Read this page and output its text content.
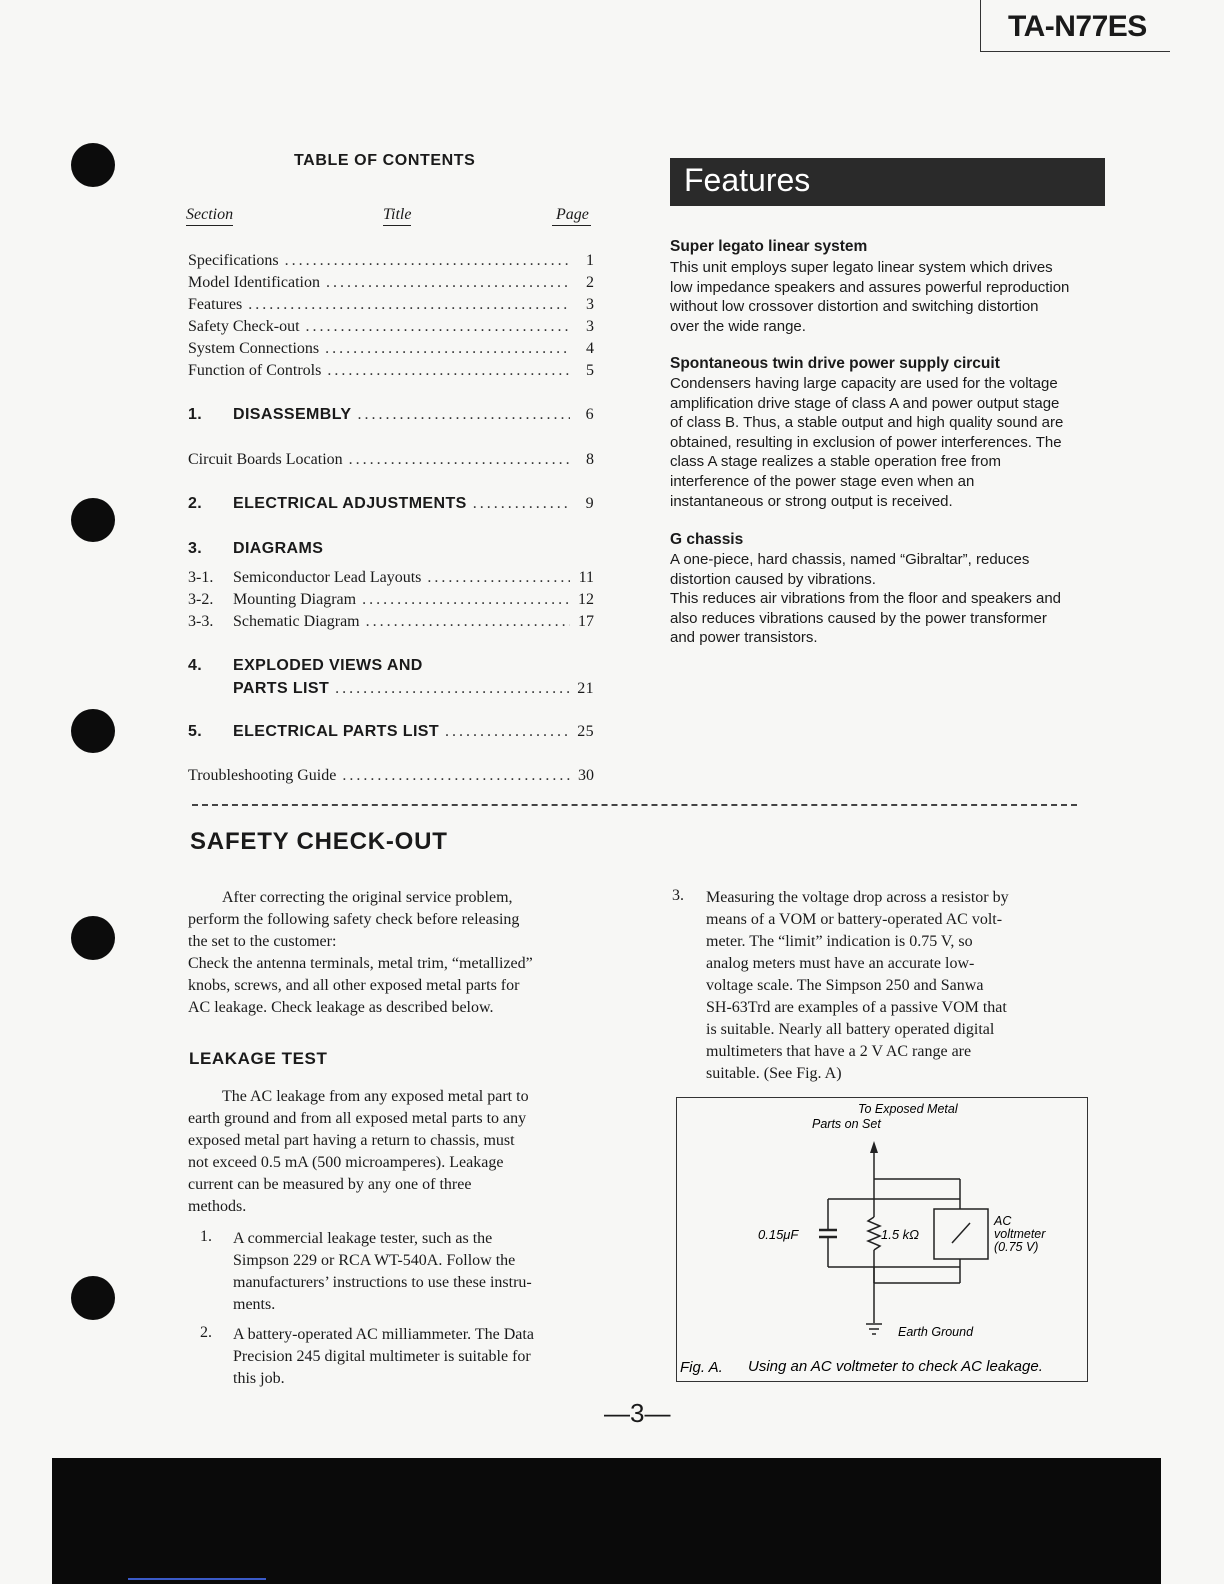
TA-N77ES
TABLE OF CONTENTS
Section	Title	Page
Specifications .....	1
Model Identification .....	2
Features .....	3
Safety Check-out .....	3
System Connections .....	4
Function of Controls .....	5
1.	DISASSEMBLY .....	6
Circuit Boards Location .....	8
2.	ELECTRICAL ADJUSTMENTS .....	9
3.	DIAGRAMS
3-1.	Semiconductor Lead Layouts .....	11
3-2.	Mounting Diagram .....	12
3-3.	Schematic Diagram .....	17
4.	EXPLODED VIEWS AND
PARTS LIST .....	21
5.	ELECTRICAL PARTS LIST .....	25
Troubleshooting Guide .....	30
Features
Super legato linear system
This unit employs super legato linear system which drives
low impedance speakers and assures powerful reproduction
without low crossover distortion and switching distortion
over the wide range.
Spontaneous twin drive power supply circuit
Condensers having large capacity are used for the voltage
amplification drive stage of class A and power output stage
of class B. Thus, a stable output and high quality sound are
obtained, resulting in exclusion of power interferences. The
class A stage realizes a stable operation free from
interference of the power stage even when an
instantaneous or strong output is received.
G chassis
A one-piece, hard chassis, named “Gibraltar”, reduces
distortion caused by vibrations.
This reduces air vibrations from the floor and speakers and
also reduces vibrations caused by the power transformer
and power transistors.
SAFETY CHECK-OUT
After correcting the original service problem,
perform the following safety check before releasing
the set to the customer:
Check the antenna terminals, metal trim, “metallized”
knobs, screws, and all other exposed metal parts for
AC leakage. Check leakage as described below.
LEAKAGE TEST
The AC leakage from any exposed metal part to
earth ground and from all exposed metal parts to any
exposed metal part having a return to chassis, must
not exceed 0.5 mA (500 microamperes). Leakage
current can be measured by any one of three
methods.
1. A commercial leakage tester, such as the
Simpson 229 or RCA WT-540A. Follow the
manufacturers’ instructions to use these instru-
ments.
2. A battery-operated AC milliammeter. The Data
Precision 245 digital multimeter is suitable for
this job.
3. Measuring the voltage drop across a resistor by
means of a VOM or battery-operated AC volt-
meter. The “limit” indication is 0.75 V, so
analog meters must have an accurate low-
voltage scale. The Simpson 250 and Sanwa
SH-63Trd are examples of a passive VOM that
is suitable. Nearly all battery operated digital
multimeters that have a 2 V AC range are
suitable. (See Fig. A)
To Exposed Metal
Parts on Set
0.15μF	1.5 kΩ
AC
voltmeter
(0.75 V)
Earth Ground
Fig. A. Using an AC voltmeter to check AC leakage.
—3—
